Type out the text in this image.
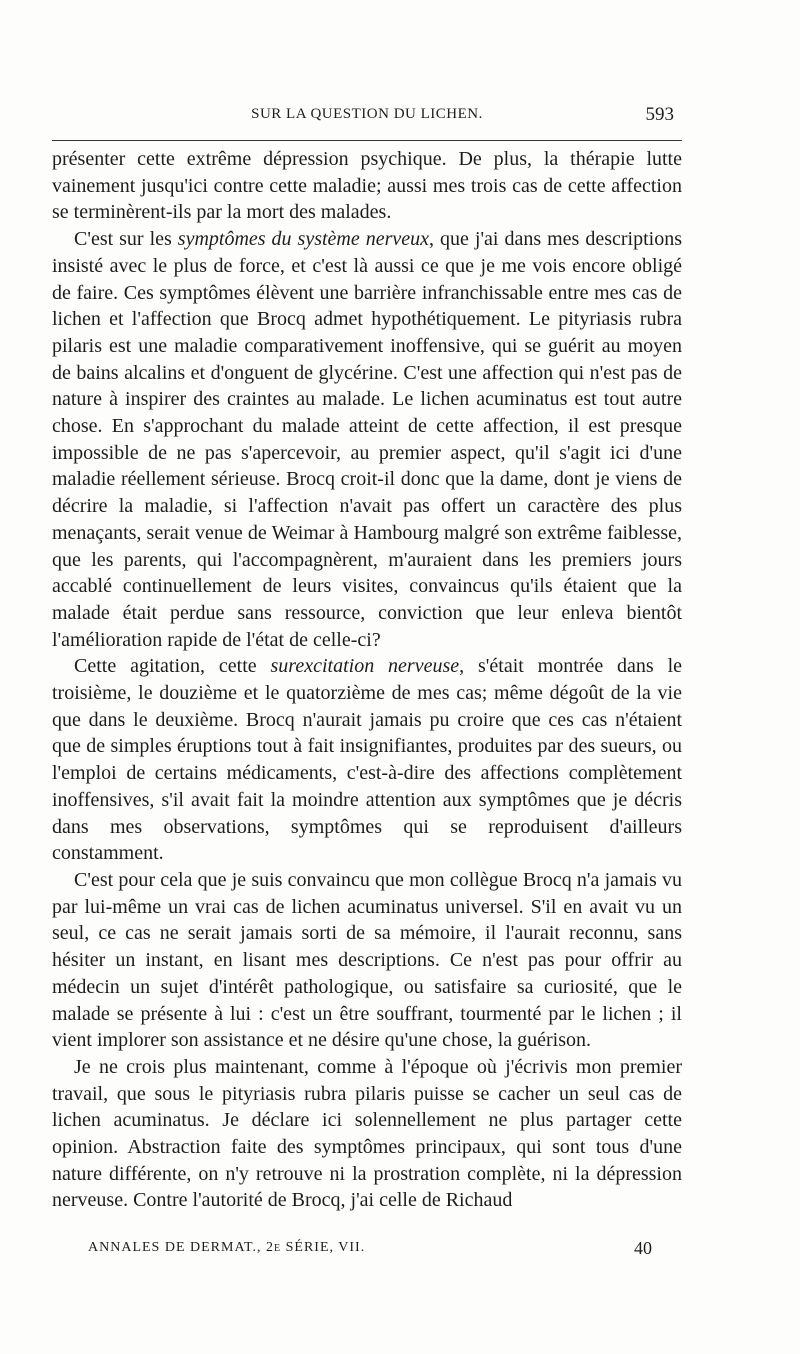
SUR LA QUESTION DU LICHEN.	593

présenter cette extrême dépression psychique. De plus, la thérapie lutte vainement jusqu'ici contre cette maladie; aussi mes trois cas de cette affection se terminèrent-ils par la mort des malades.

C'est sur les symptômes du système nerveux, que j'ai dans mes descriptions insisté avec le plus de force, et c'est là aussi ce que je me vois encore obligé de faire. Ces symptômes élèvent une barrière infranchissable entre mes cas de lichen et l'affection que Brocq admet hypothétiquement. Le pityriasis rubra pilaris est une maladie comparativement inoffensive, qui se guérit au moyen de bains alcalins et d'onguent de glycérine. C'est une affection qui n'est pas de nature à inspirer des craintes au malade. Le lichen acuminatus est tout autre chose. En s'approchant du malade atteint de cette affection, il est presque impossible de ne pas s'apercevoir, au premier aspect, qu'il s'agit ici d'une maladie réellement sérieuse. Brocq croit-il donc que la dame, dont je viens de décrire la maladie, si l'affection n'avait pas offert un caractère des plus menaçants, serait venue de Weimar à Hambourg malgré son extrême faiblesse, que les parents, qui l'accompagnèrent, m'auraient dans les premiers jours accablé continuellement de leurs visites, convaincus qu'ils étaient que la malade était perdue sans ressource, conviction que leur enleva bientôt l'amélioration rapide de l'état de celle-ci?

Cette agitation, cette surexcitation nerveuse, s'était montrée dans le troisième, le douzième et le quatorzième de mes cas; même dégoût de la vie que dans le deuxième. Brocq n'aurait jamais pu croire que ces cas n'étaient que de simples éruptions tout à fait insignifiantes, produites par des sueurs, ou l'emploi de certains médicaments, c'est-à-dire des affections complètement inoffensives, s'il avait fait la moindre attention aux symptômes que je décris dans mes observations, symptômes qui se reproduisent d'ailleurs constamment.

C'est pour cela que je suis convaincu que mon collègue Brocq n'a jamais vu par lui-même un vrai cas de lichen acuminatus universel. S'il en avait vu un seul, ce cas ne serait jamais sorti de sa mémoire, il l'aurait reconnu, sans hésiter un instant, en lisant mes descriptions. Ce n'est pas pour offrir au médecin un sujet d'intérêt pathologique, ou satisfaire sa curiosité, que le malade se présente à lui : c'est un être souffrant, tourmenté par le lichen ; il vient implorer son assistance et ne désire qu'une chose, la guérison.

Je ne crois plus maintenant, comme à l'époque où j'écrivis mon premier travail, que sous le pityriasis rubra pilaris puisse se cacher un seul cas de lichen acuminatus. Je déclare ici solennellement ne plus partager cette opinion. Abstraction faite des symptômes principaux, qui sont tous d'une nature différente, on n'y retrouve ni la prostration complète, ni la dépression nerveuse. Contre l'autorité de Brocq, j'ai celle de Richaud

ANNALES DE DERMAT., 2e SÉRIE, VII.	40
